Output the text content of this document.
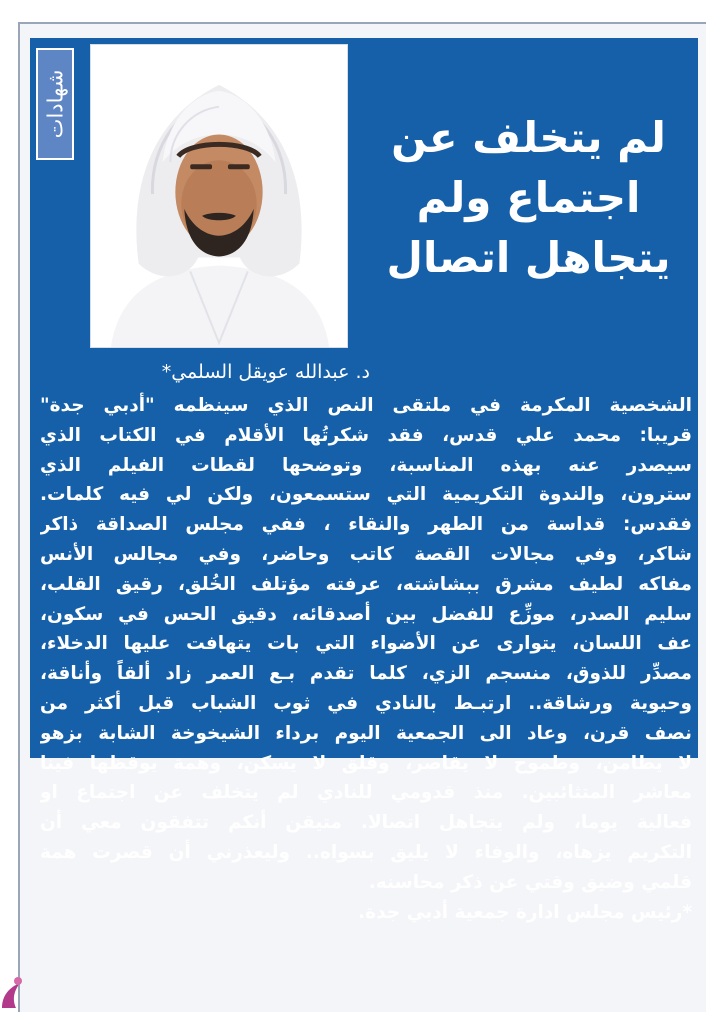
شهادات	لم يتخلف عن
اجتماع ولم
يتجاهل اتصال
د. عبدالله عويقل السلمي*
الشخصية المكرمة في ملتقى النص الذي سينظمه "أدبي جدة"
قريبا: محمد علي قدس، فقد شكرتُها الأقلام في الكتاب الذي
سيصدر عنه بهذه المناسبة، وتوضحها لقطات الفيلم الذي
سترون، والندوة التكريمية التي ستسمعون، ولكن لي فيه كلمات.
فقدس: قداسة من الطهر والنقاء ، ففي مجلس الصداقة ذاكر
شاكر، وفي مجالات القصة كاتب وحاضر، وفي مجالس الأنس
مفاكه لطيف مشرق ببشاشته، عرفته مؤتلف الخُلق، رقيق القلب،
سليم الصدر، موزِّع للفضل بين أصدقائه، دقيق الحس في سكون،
عف اللسان، يتوارى عن الأضواء التي بات يتهافت عليها الدخلاء،
مصدِّر للذوق، منسجم الزي، كلما تقدم بـع العمر زاد ألقاً وأناقة،
وحيوية ورشاقة.. ارتبـط بالنادي في ثوب الشباب قبل أكثر من
نصف قرن، وعاد الى الجمعية اليوم برداء الشيخوخة الشابة بزهو
لا يطامن، وطموح لا يقاصر، وقلق لا يسكن، وهمة يوقظها فينا
معاشر المتثائبين. منذ قدومي للنادي لم يتخلف عن اجتماع او
فعالية يوما، ولم يتجاهل اتصالا. متيقن أنكم تتفقون معي أن
التكريم يزهاه، والوفاء لا يليق بسواه.. وليعذرني أن قصرت همة
قلمي وضيق وقتي عن ذكر محاسنه.
*رئيس مجلس ادارة جمعية أدبي جدة.
